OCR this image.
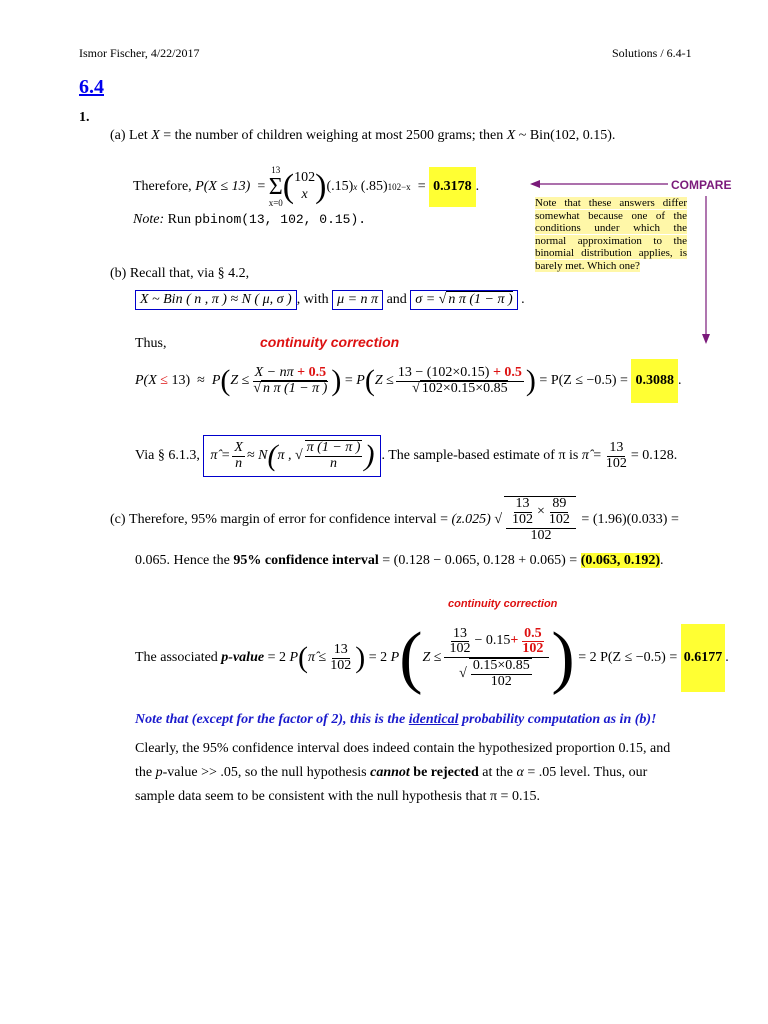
Ismor Fischer, 4/22/2017	Solutions / 6.4-1
6.4
1.
(a) Let X = the number of children weighing at most 2500 grams; then X ~ Bin(102, 0.15).
Therefore,
P(X ≤ 13)
=

13
Σ
x=0 ( 102
x ) (.15) x
(.85) 102−x
=
0.3178 .
Note: Run pbinom(13, 102, 0.15).
COMPARE
Note that these answers differ somewhat because one of the conditions under which the normal approximation to the binomial distribution applies, is barely met. Which one?
(b) Recall that, via § 4.2,
X ~ Bin ( n , π ) ≈ N ( μ, σ ) , with
μ = n π
and
σ = √ n π (1 − π ) .
Thus,	continuity correction
P(X
≤
13)
≈
P ( $Z \le \frac{X - n\pi + 0.5}{\text{√ n π (1 − π )}}$ ) = P ( $Z \le \frac{13 - (102\times 0.15) + 0.5}{√ 102\times 0.15\times 0.85}$ )
= P(Z ≤ −0.5) =
0.3088 .
Via § 6.1.3,
π̂ = $\frac{X}{n} \approx N$ ( π , √ $\frac{\pi (1 - \pi )}{n}$ ) . The sample-based estimate of π is
π̂ = $\frac{13}{102} = 0.128$.
(c)
Therefore, 95% margin of error for confidence interval =
(z.025) √ $\frac{\frac{13}{102} \times \frac{89}{102}}{102}$
= (1.96)(0.033) =
0.065. Hence the 95% confidence interval = (0.128 − 0.065, 0.128 + 0.065) = (0.063, 0.192).
continuity correction
The associated
p-value
= 2
P ( π̂ ≤ $\frac{13}{102}$ )
= 2
P ( $Z \le \frac{\frac{13}{102} - 0.15 + \frac{0.5}{102}}{√ \frac{0.15\times 0.85}{102}}$ )
= 2 P(Z ≤ −0.5) =
0.6177 .
Note that (except for the factor of 2), this is the identical probability computation as in (b)!
Clearly, the 95% confidence interval does indeed contain the hypothesized proportion 0.15, and
the p-value >> .05, so the null hypothesis cannot be rejected at the α = .05 level. Thus, our
sample data seem to be consistent with the null hypothesis that π = 0.15.
